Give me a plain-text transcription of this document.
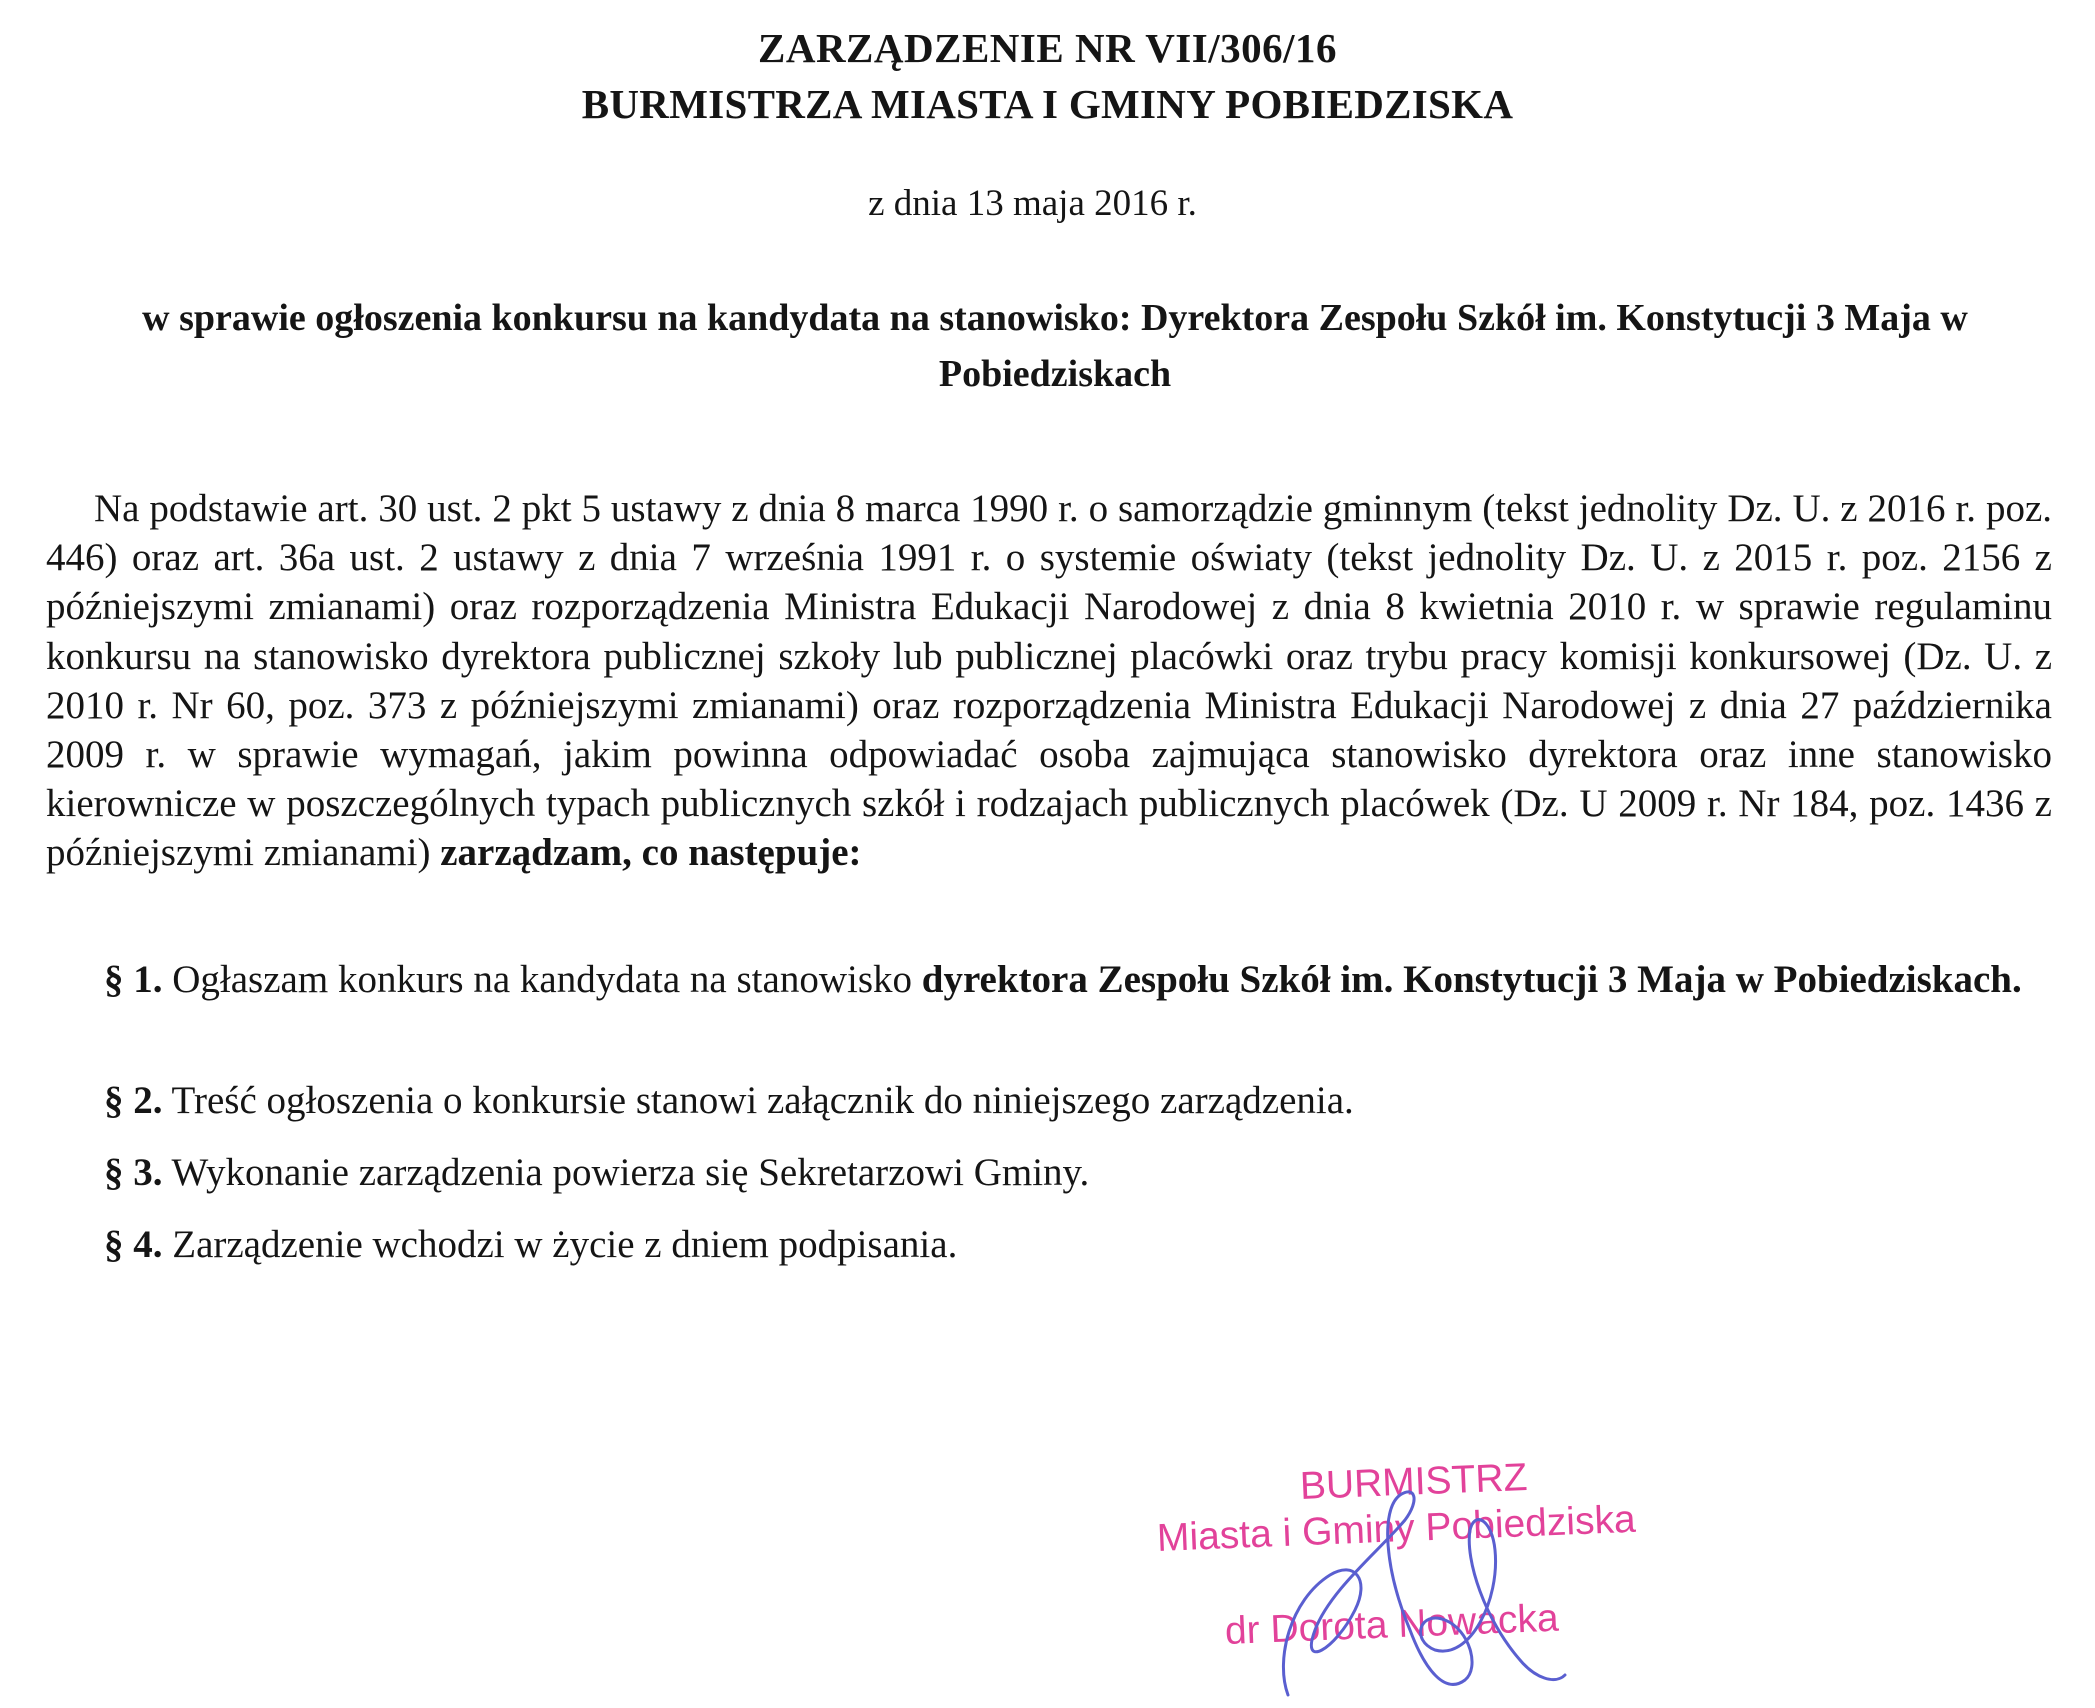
ZARZĄDZENIE NR VII/306/16
BURMISTRZA MIASTA I GMINY POBIEDZISKA
z dnia 13 maja 2016 r.
w sprawie ogłoszenia konkursu na kandydata na stanowisko: Dyrektora Zespołu Szkół im. Konstytucji 3 Maja w Pobiedziskach

Na podstawie art. 30 ust. 2 pkt 5 ustawy z dnia 8 marca 1990 r. o samorządzie gminnym (tekst jednolity Dz. U. z 2016 r. poz. 446) oraz art. 36a ust. 2 ustawy z dnia 7 września 1991 r. o systemie oświaty (tekst jednolity Dz. U. z 2015 r. poz. 2156 z późniejszymi zmianami) oraz rozporządzenia Ministra Edukacji Narodowej z dnia 8 kwietnia 2010 r. w sprawie regulaminu konkursu na stanowisko dyrektora publicznej szkoły lub publicznej placówki oraz trybu pracy komisji konkursowej (Dz. U. z 2010 r. Nr 60, poz. 373 z późniejszymi zmianami) oraz rozporządzenia Ministra Edukacji Narodowej z dnia 27 października 2009 r. w sprawie wymagań, jakim powinna odpowiadać osoba zajmująca stanowisko dyrektora oraz inne stanowisko kierownicze w poszczególnych typach publicznych szkół i rodzajach publicznych placówek (Dz. U 2009 r. Nr 184, poz. 1436 z późniejszymi zmianami) zarządzam, co następuje:

§ 1. Ogłaszam konkurs na kandydata na stanowisko dyrektora Zespołu Szkół im. Konstytucji 3 Maja w Pobiedziskach.

§ 2. Treść ogłoszenia o konkursie stanowi załącznik do niniejszego zarządzenia.

§ 3. Wykonanie zarządzenia powierza się Sekretarzowi Gminy.

§ 4. Zarządzenie wchodzi w życie z dniem podpisania.

BURMISTRZ
Miasta i Gminy Pobiedziska
dr Dorota Nowacka
